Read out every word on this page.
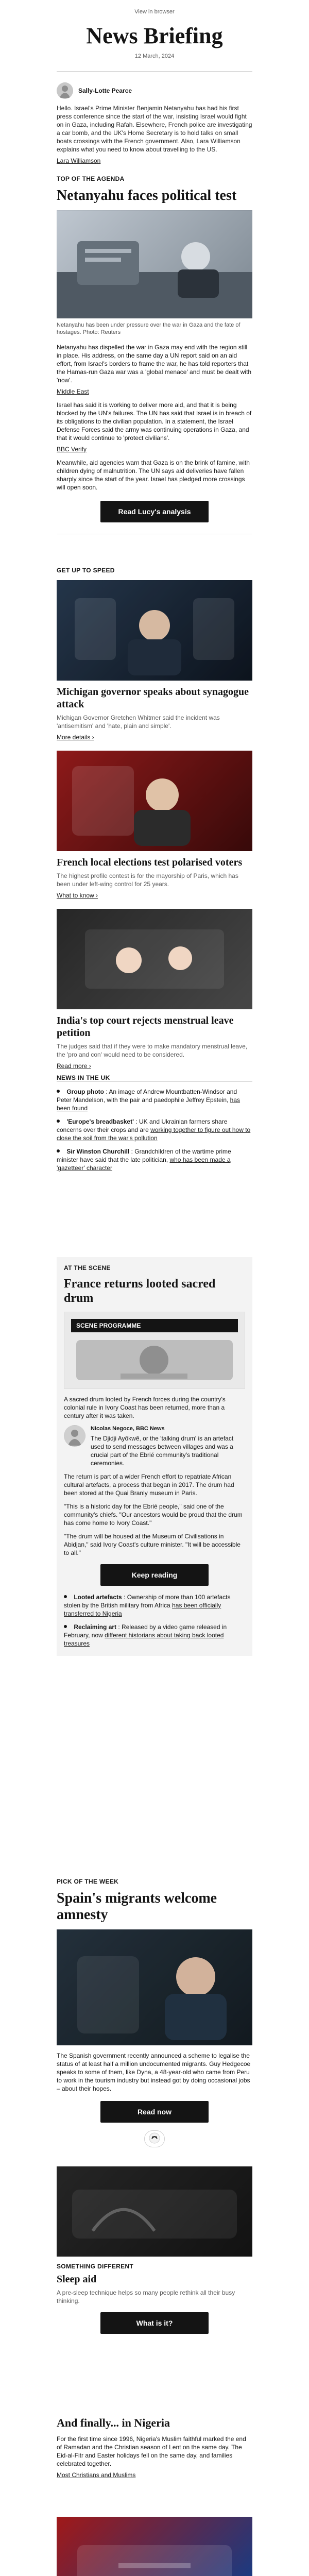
View in browser
News Briefing
12 March, 2024
Sally-Lotte Pearce
Hello. Israel's Prime Minister Benjamin Netanyahu has had his first press conference since the start of the war, insisting Israel would fight on in Gaza, including Rafah. Elsewhere, French police are investigating a car bomb, and the UK's Home Secretary is to hold talks on small boats crossings with the French government. Also, Lara Williamson explains what you need to know about travelling to the US.
Lara Williamson
TOP OF THE AGENDA
Netanyahu faces political test
Netanyahu has been under pressure over the war in Gaza and the fate of hostages. Photo: Reuters
Netanyahu has dispelled the war in Gaza may end with the region still in place. His address, on the same day a UN report said on an aid effort, from Israel's borders to frame the war, he has told reporters that the Hamas-run Gaza war was a 'global menace' and must be dealt with 'now'.
Middle East
Israel has said it is working to deliver more aid, and that it is being blocked by the UN's failures. The UN has said that Israel is in breach of its obligations to the civilian population. In a statement, the Israel Defense Forces said the army was continuing operations in Gaza, and that it would continue to 'protect civilians'.
BBC Verify
Meanwhile, aid agencies warn that Gaza is on the brink of famine, with children dying of malnutrition. The UN says aid deliveries have fallen sharply since the start of the year. Israel has pledged more crossings will open soon.
Read Lucy's analysis
GET UP TO SPEED
Michigan governor speaks about synagogue attack
Michigan Governor Gretchen Whitmer said the incident was 'antisemitism' and 'hate, plain and simple'.
More details ›
French local elections test polarised voters
The highest profile contest is for the mayorship of Paris, which has been under left-wing control for 25 years.
What to know ›
India's top court rejects menstrual leave petition
The judges said that if they were to make mandatory menstrual leave, the 'pro and con' would need to be considered.
Read more ›
NEWS IN THE UK
Group photo : An image of Andrew Mountbatten-Windsor and Peter Mandelson, with the pair and paedophile Jeffrey Epstein, has been found
'Europe's breadbasket' : UK and Ukrainian farmers share concerns over their crops and are working together to figure out how to close the soil from the war's pollution
Sir Winston Churchill : Grandchildren of the wartime prime minister have said that the late politician, who has been made a 'gazetteer' character
AT THE SCENE
France returns looted sacred drum
SCENE PROGRAMME
A sacred drum looted by French forces during the country's colonial rule in Ivory Coast has been returned, more than a century after it was taken.
Nicolas Negoce, BBC News
The Djidji Ayôkwê, or the 'talking drum' is an artefact used to send messages between villages and was a crucial part of the Ebrié community's traditional ceremonies.
The return is part of a wider French effort to repatriate African cultural artefacts, a process that began in 2017. The drum had been stored at the Quai Branly museum in Paris.
"This is a historic day for the Ebrié people," said one of the community's chiefs. "Our ancestors would be proud that the drum has come home to Ivory Coast."
"The drum will be housed at the Museum of Civilisations in Abidjan," said Ivory Coast's culture minister. "It will be accessible to all."
Keep reading
Looted artefacts : Ownership of more than 100 artefacts stolen by the British military from Africa has been officially transferred to Nigeria
Reclaiming art : Released by a video game released in February, now different historians about taking back looted treasures
PICK OF THE WEEK
Spain's migrants welcome amnesty
The Spanish government recently announced a scheme to legalise the status of at least half a million undocumented migrants. Guy Hedgecoe speaks to some of them, like Dyna, a 48-year-old who came from Peru to work in the tourism industry but instead got by doing occasional jobs – about their hopes.
Read now
SOMETHING DIFFERENT
Sleep aid
A pre-sleep technique helps so many people rethink all their busy thinking.
What is it?
And finally... in Nigeria
For the first time since 1996, Nigeria's Muslim faithful marked the end of Ramadan and the Christian season of Lent on the same day. The Eid-al-Fitr and Easter holidays fell on the same day, and families celebrated together.
Most Christians and Muslims
